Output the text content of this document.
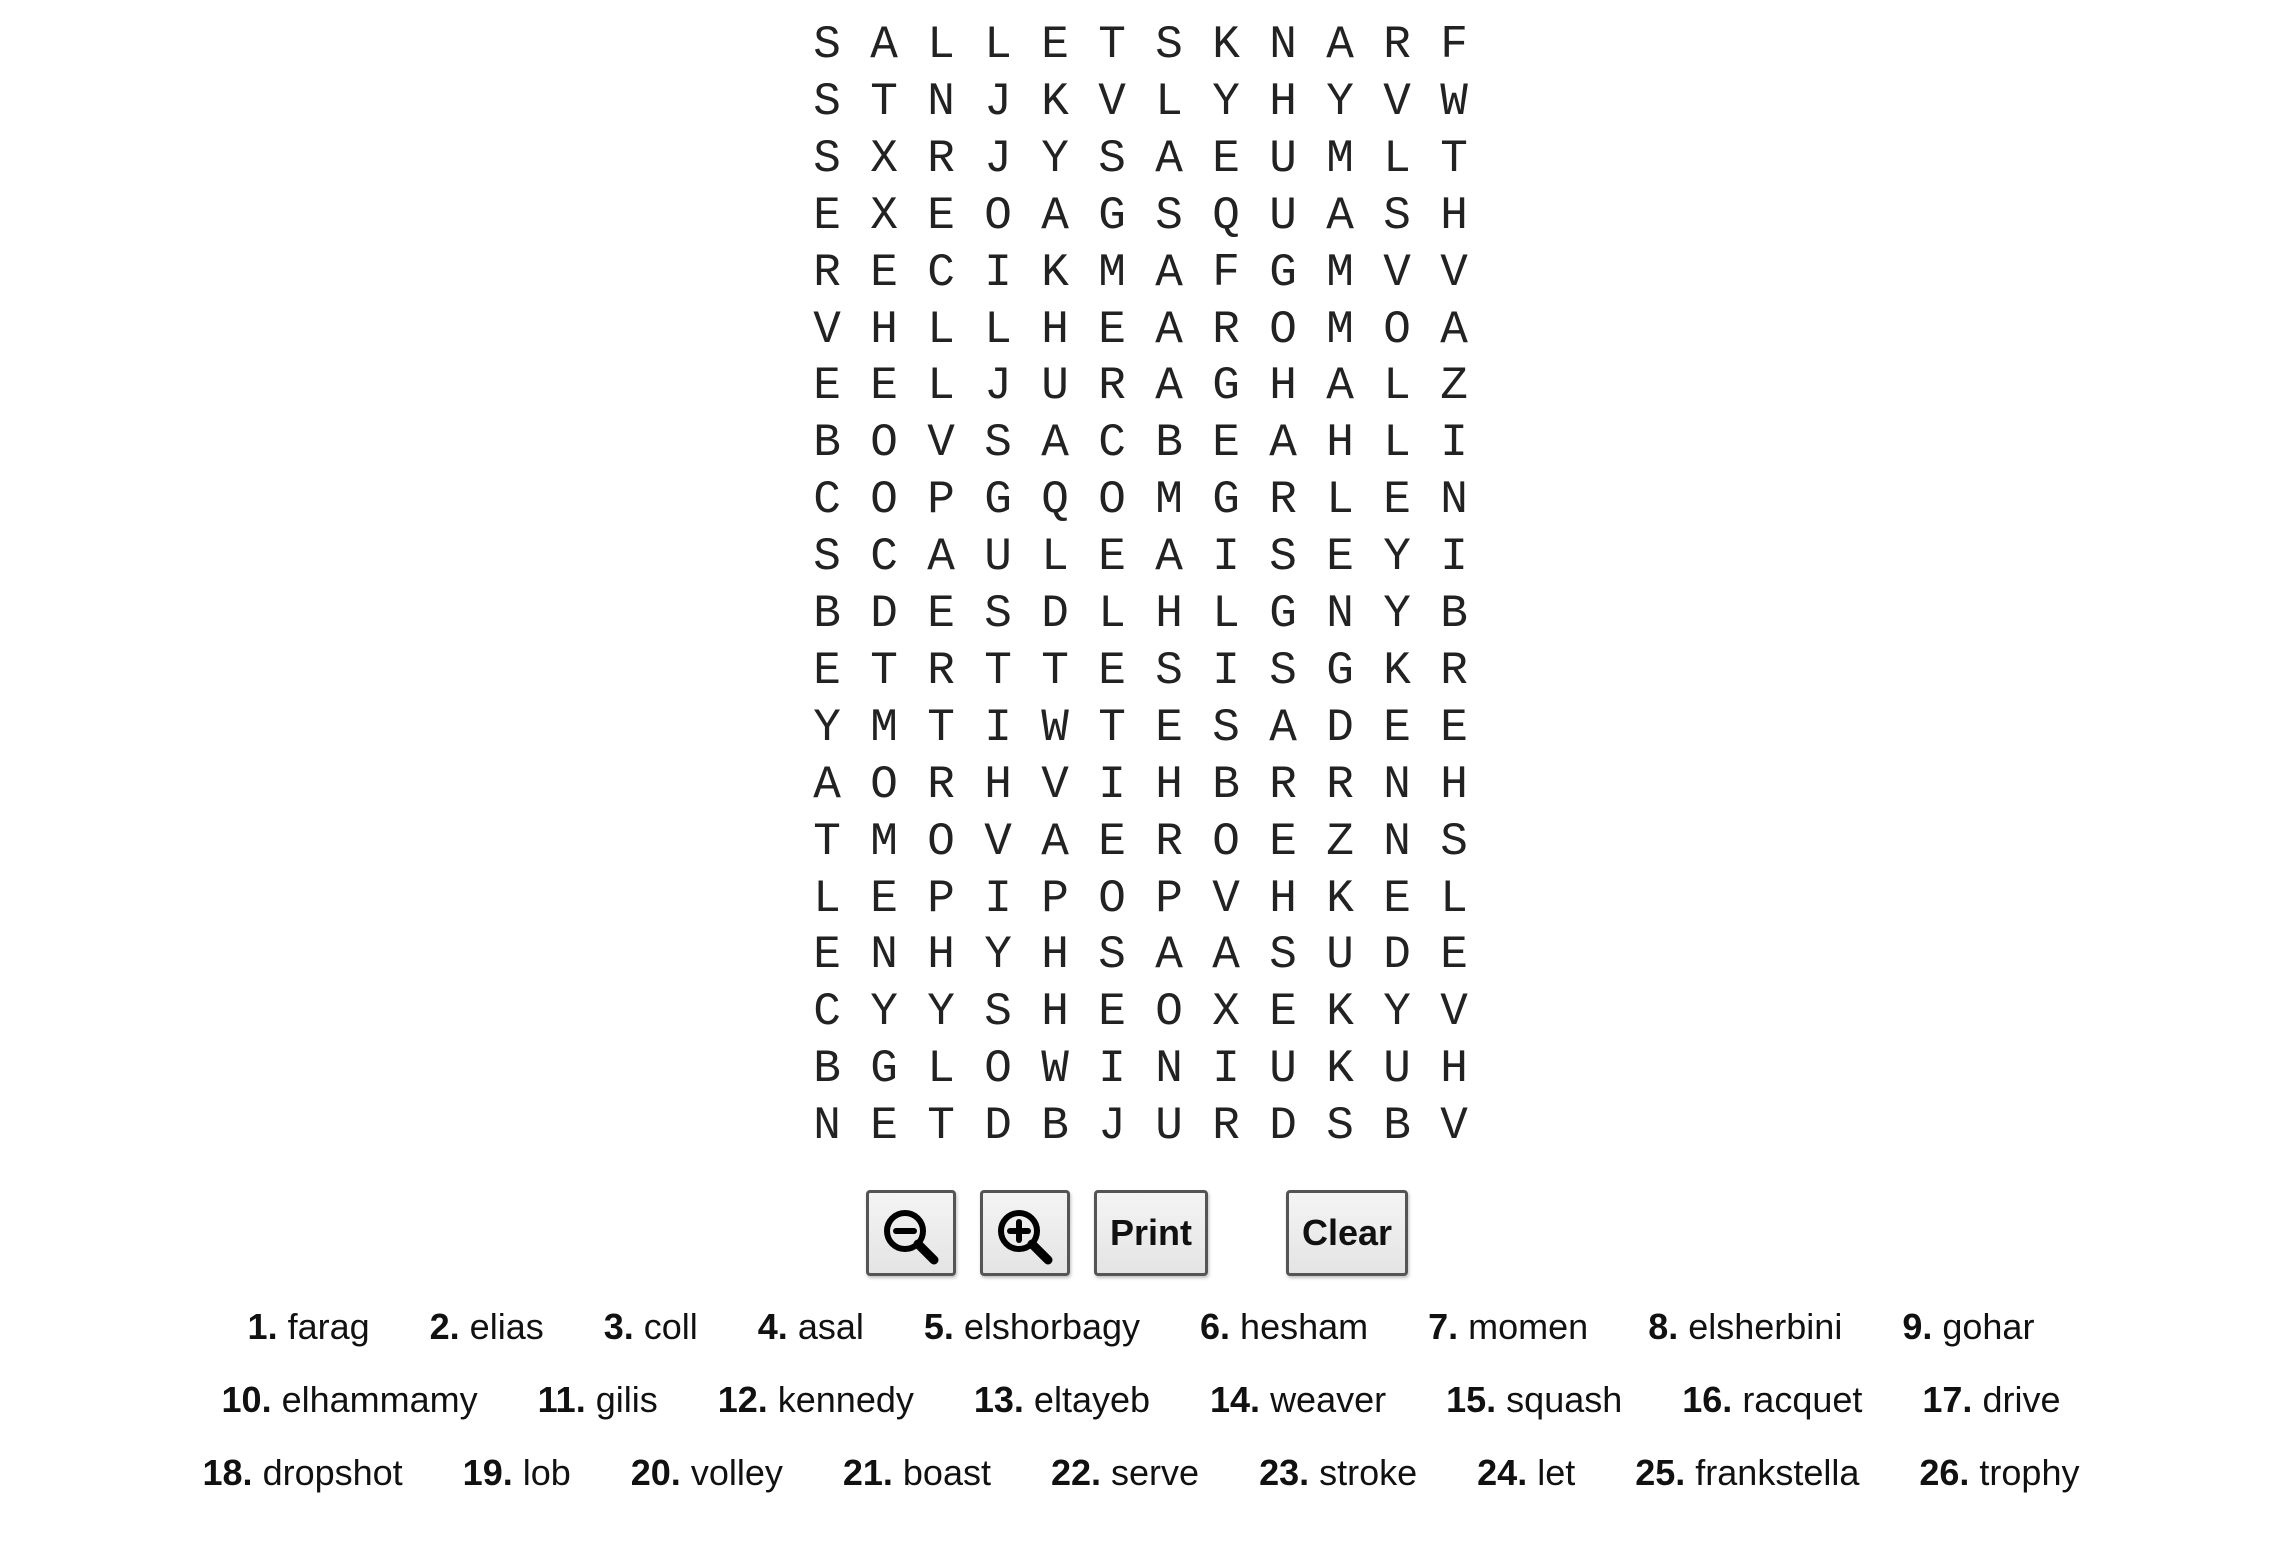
S A L L E T S K N A R F
S T N J K V L Y H Y V W
S X R J Y S A E U M L T
E X E O A G S Q U A S H
R E C I K M A F G M V V
V H L L H E A R O M O A
E E L J U R A G H A L Z
B O V S A C B E A H L I
C O P G Q O M G R L E N
S C A U L E A I S E Y I
B D E S D L H L G N Y B
E T R T T E S I S G K R
Y M T I W T E S A D E E
A O R H V I H B R R N H
T M O V A E R O E Z N S
L E P I P O P V H K E L
E N H Y H S A A S U D E
C Y Y S H E O X E K Y V
B G L O W I N I U K U H
N E T D B J U R D S B V
Print	Clear
1. farag 2. elias 3. coll 4. asal 5. elshorbagy 6. hesham 7. momen 8. elsherbini 9. gohar
10. elhammamy 11. gilis 12. kennedy 13. eltayeb 14. weaver 15. squash 16. racquet 17. drive
18. dropshot 19. lob 20. volley 21. boast 22. serve 23. stroke 24. let 25. frankstella 26. trophy
